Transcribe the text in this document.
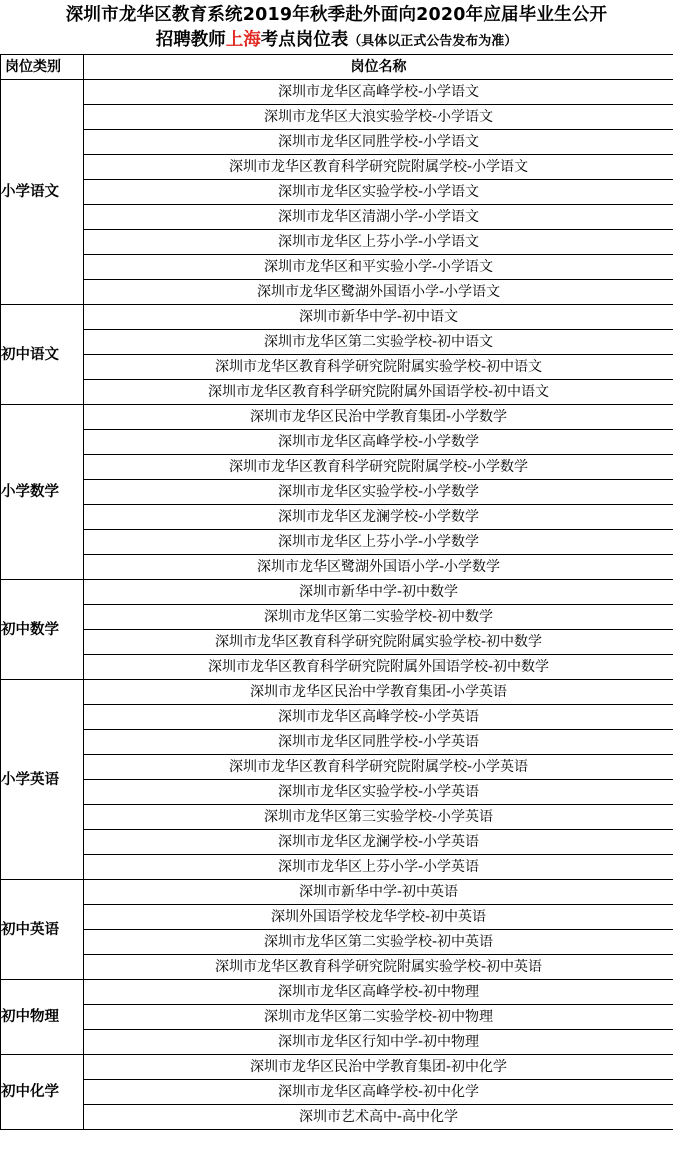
深圳市龙华区教育系统2019年秋季赴外面向2020年应届毕业生公开
招聘教师上海考点岗位表（具体以正式公告发布为准）
岗位类别	岗位名称
小学语文	深圳市龙华区高峰学校-小学语文
	深圳市龙华区大浪实验学校-小学语文
	深圳市龙华区同胜学校-小学语文
	深圳市龙华区教育科学研究院附属学校-小学语文
	深圳市龙华区实验学校-小学语文
	深圳市龙华区清湖小学-小学语文
	深圳市龙华区上芬小学-小学语文
	深圳市龙华区和平实验小学-小学语文
	深圳市龙华区鹭湖外国语小学-小学语文
初中语文	深圳市新华中学-初中语文
	深圳市龙华区第二实验学校-初中语文
	深圳市龙华区教育科学研究院附属实验学校-初中语文
	深圳市龙华区教育科学研究院附属外国语学校-初中语文
小学数学	深圳市龙华区民治中学教育集团-小学数学
	深圳市龙华区高峰学校-小学数学
	深圳市龙华区教育科学研究院附属学校-小学数学
	深圳市龙华区实验学校-小学数学
	深圳市龙华区龙澜学校-小学数学
	深圳市龙华区上芬小学-小学数学
	深圳市龙华区鹭湖外国语小学-小学数学
初中数学	深圳市新华中学-初中数学
	深圳市龙华区第二实验学校-初中数学
	深圳市龙华区教育科学研究院附属实验学校-初中数学
	深圳市龙华区教育科学研究院附属外国语学校-初中数学
小学英语	深圳市龙华区民治中学教育集团-小学英语
	深圳市龙华区高峰学校-小学英语
	深圳市龙华区同胜学校-小学英语
	深圳市龙华区教育科学研究院附属学校-小学英语
	深圳市龙华区实验学校-小学英语
	深圳市龙华区第三实验学校-小学英语
	深圳市龙华区龙澜学校-小学英语
	深圳市龙华区上芬小学-小学英语
初中英语	深圳市新华中学-初中英语
	深圳外国语学校龙华学校-初中英语
	深圳市龙华区第二实验学校-初中英语
	深圳市龙华区教育科学研究院附属实验学校-初中英语
初中物理	深圳市龙华区高峰学校-初中物理
	深圳市龙华区第二实验学校-初中物理
	深圳市龙华区行知中学-初中物理
初中化学	深圳市龙华区民治中学教育集团-初中化学
	深圳市龙华区高峰学校-初中化学
	深圳市艺术高中-高中化学
